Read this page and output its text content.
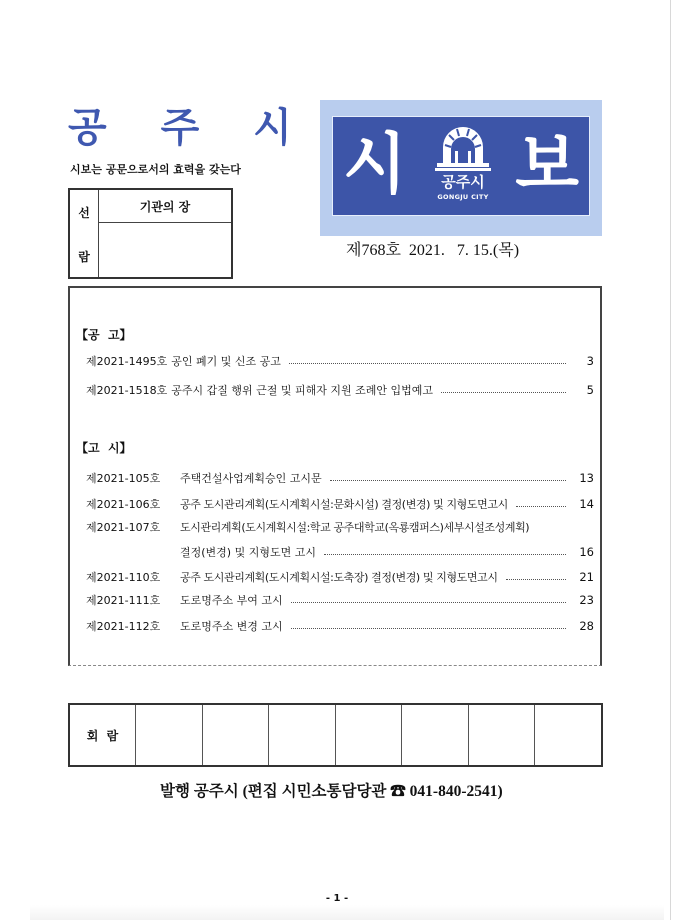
공 주 시
시보는 공문으로서의 효력을 갖는다
선
람
기관의 장
시	공주시
GONGJU CITY 보
제768호 2021.   7. 15.(목)
【공  고】
제2021-1495호 공인 폐기 및 신조 공고	3
제2021-1518호 공주시 갑질 행위 근절 및 피해자 지원 조례안 입법예고	5
【고  시】
제2021-105호	주택건설사업계획승인 고시문	13
제2021-106호	공주 도시관리계획(도시계획시설:문화시설) 결정(변경) 및 지형도면고시	14
제2021-107호	도시관리계획(도시계획시설:학교 공주대학교(옥룡캠퍼스)세부시설조성계획)
결정(변경) 및 지형도면 고시	16
제2021-110호	공주 도시관리계획(도시계획시설:도축장) 결정(변경) 및 지형도면고시	21
제2021-111호	도로명주소 부여 고시	23
제2021-112호	도로명주소 변경 고시	28
회  람
발행 공주시 (편집 시민소통담당관 ☎ 041-840-2541)
- 1 -
